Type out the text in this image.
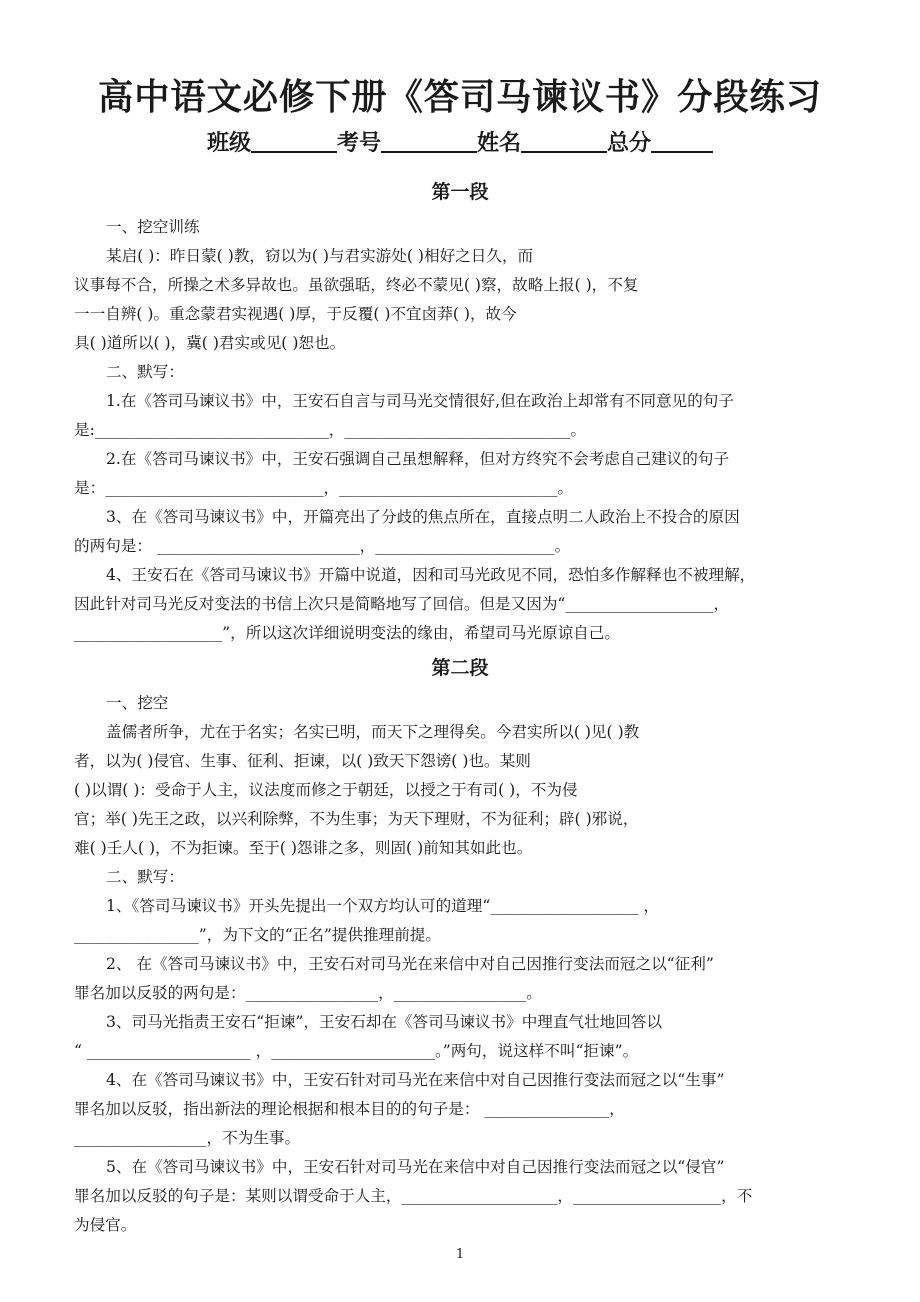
高中语文必修下册《答司马谏议书》分段练习
班级	考号	姓名	总分
第一段
一、挖空训练
某启( )：昨日蒙( )教，窃以为( )与君实游处( )相好之日久，而
议事每不合，所操之术多异故也。虽欲强聒，终必不蒙见( )察，故略上报( )，不复
一一自辨( )。重念蒙君实视遇( )厚，于反覆( )不宜卤莽( )，故今
具( )道所以( )，冀( )君实或见( )恕也。
二、默写：
1.在《答司马谏议书》中，王安石自言与司马光交情很好,但在政治上却常有不同意见的句子
是:______________________________，_____________________________。
2.在《答司马谏议书》中，王安石强调自己虽想解释，但对方终究不会考虑自己建议的句子
是：____________________________，____________________________。
3、在《答司马谏议书》中，开篇亮出了分歧的焦点所在，直接点明二人政治上不投合的原因
的两句是： __________________________，_______________________。
4、王安石在《答司马谏议书》开篇中说道，因和司马光政见不同，恐怕多作解释也不被理解，
因此针对司马光反对变法的书信上次只是简略地写了回信。但是又因为“___________________，
___________________”，所以这次详细说明变法的缘由，希望司马光原谅自己。
第二段
一、挖空
盖儒者所争，尤在于名实；名实已明，而天下之理得矣。今君实所以( )见( )教
者，以为( )侵官、生事、征利、拒谏，以( )致天下怨谤( )也。某则
( )以谓( )：受命于人主，议法度而修之于朝廷，以授之于有司( )，不为侵
官；举( )先王之政，以兴利除弊，不为生事；为天下理财，不为征利；辟( )邪说，
难( )壬人( )，不为拒谏。至于( )怨诽之多，则固( )前知其如此也。
二、默写：
1、《答司马谏议书》开头先提出一个双方均认可的道理“___________________ ，
________________”，为下文的“正名”提供推理前提。
2、 在《答司马谏议书》中，王安石对司马光在来信中对自己因推行变法而冠之以“征利”
罪名加以反驳的两句是：_________________，_________________。
3、司马光指责王安石“拒谏”，王安石却在《答司马谏议书》中理直气壮地回答以
“ _____________________ ，_____________________。”两句，说这样不叫“拒谏”。
4、在《答司马谏议书》中，王安石针对司马光在来信中对自己因推行变法而冠之以“生事”
罪名加以反驳，指出新法的理论根据和根本目的的句子是： ________________，
_________________，不为生事。
5、在《答司马谏议书》中，王安石针对司马光在来信中对自己因推行变法而冠之以“侵官”
罪名加以反驳的句子是：某则以谓受命于人主，____________________，___________________，不
为侵官。
1
